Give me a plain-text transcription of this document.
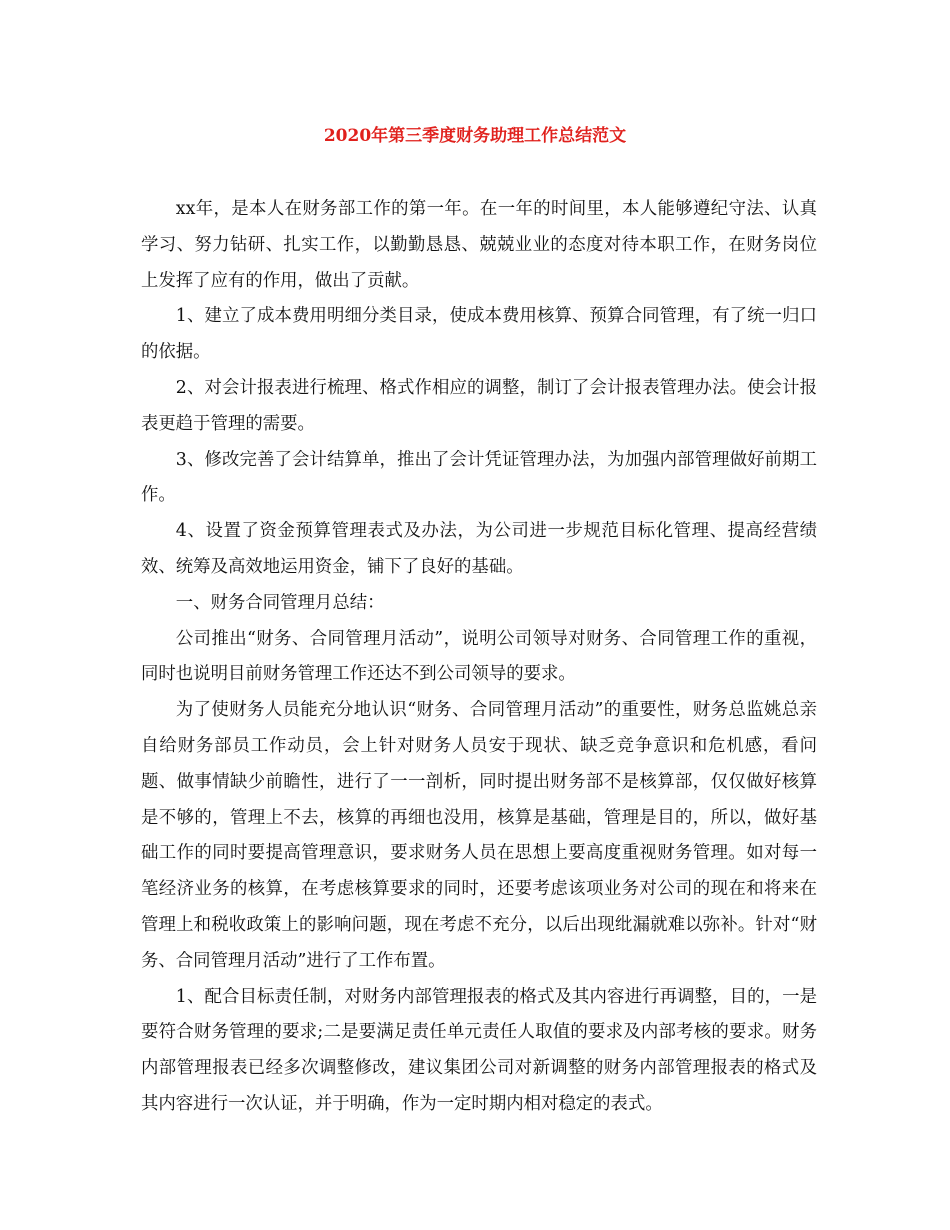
2020年第三季度财务助理工作总结范文

xx年，是本人在财务部工作的第一年。在一年的时间里，本人能够遵纪守法、认真学习、努力钻研、扎实工作，以勤勤恳恳、兢兢业业的态度对待本职工作，在财务岗位上发挥了应有的作用，做出了贡献。

1、建立了成本费用明细分类目录，使成本费用核算、预算合同管理，有了统一归口的依据。

2、对会计报表进行梳理、格式作相应的调整，制订了会计报表管理办法。使会计报表更趋于管理的需要。

3、修改完善了会计结算单，推出了会计凭证管理办法，为加强内部管理做好前期工作。

4、设置了资金预算管理表式及办法，为公司进一步规范目标化管理、提高经营绩效、统筹及高效地运用资金，铺下了良好的基础。

一、财务合同管理月总结：

公司推出“财务、合同管理月活动”，说明公司领导对财务、合同管理工作的重视，同时也说明目前财务管理工作还达不到公司领导的要求。

为了使财务人员能充分地认识“财务、合同管理月活动”的重要性，财务总监姚总亲自给财务部员工作动员，会上针对财务人员安于现状、缺乏竞争意识和危机感，看问题、做事情缺少前瞻性，进行了一一剖析，同时提出财务部不是核算部，仅仅做好核算是不够的，管理上不去，核算的再细也没用，核算是基础，管理是目的，所以，做好基础工作的同时要提高管理意识，要求财务人员在思想上要高度重视财务管理。如对每一笔经济业务的核算，在考虑核算要求的同时，还要考虑该项业务对公司的现在和将来在管理上和税收政策上的影响问题，现在考虑不充分，以后出现纰漏就难以弥补。针对“财务、合同管理月活动”进行了工作布置。

1、配合目标责任制，对财务内部管理报表的格式及其内容进行再调整，目的，一是要符合财务管理的要求;二是要满足责任单元责任人取值的要求及内部考核的要求。财务内部管理报表已经多次调整修改，建议集团公司对新调整的财务内部管理报表的格式及其内容进行一次认证，并于明确，作为一定时期内相对稳定的表式。
